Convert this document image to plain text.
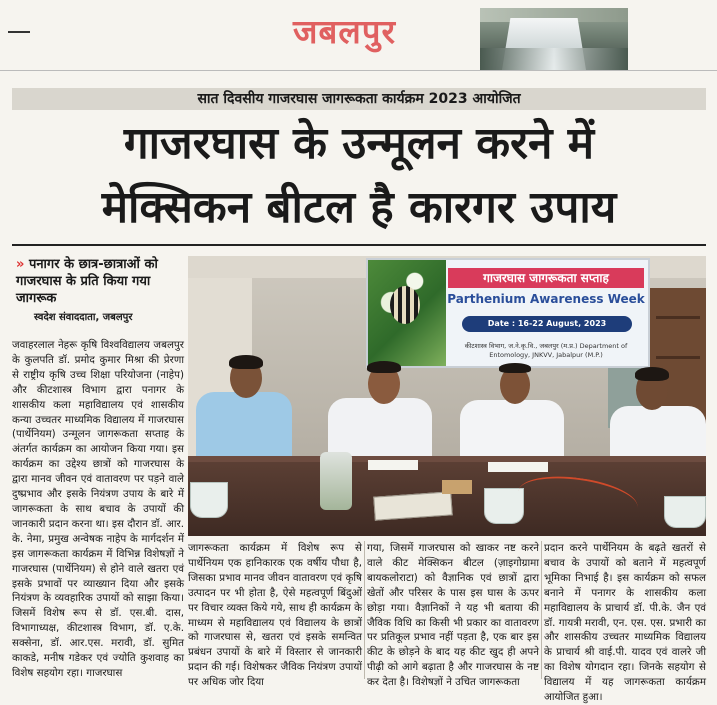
जबलपुर
सात दिवसीय गाजरघास जागरूकता कार्यक्रम 2023 आयोजित
गाजरघास के उन्मूलन करने में
मेक्सिकन बीटल है कारगर उपाय
» पनागर के छात्र-छात्राओं को गाजरघास के प्रति किया गया जागरूक
स्वदेश संवाददाता, जबलपुर
जवाहरलाल नेहरू कृषि विश्वविद्यालय जबलपुर के कुलपति डॉ. प्रमोद कुमार मिश्रा की प्रेरणा से राष्ट्रीय कृषि उच्च शिक्षा परियोजना (नाहेप) और कीटशास्त्र विभाग द्वारा पनागर के शासकीय कला महाविद्यालय एवं शासकीय कन्या उच्चतर माध्यमिक विद्यालय में गाजरघास (पार्थेनियम) उन्मूलन जागरूकता सप्ताह के अंतर्गत कार्यक्रम का आयोजन किया गया। इस कार्यक्रम का उद्देश्य छात्रों को गाजरघास के द्वारा मानव जीवन एवं वातावरण पर पड़ने वाले दुष्प्रभाव और इसके नियंत्रण उपाय के बारे में जागरूकता के साथ बचाव के उपायों की जानकारी प्रदान करना था। इस दौरान डॉ. आर. के. नेमा, प्रमुख अन्वेषक नाहेप के मार्गदर्शन में इस जागरूकता कार्यक्रम में विभिन्न विशेषज्ञों ने गाजरघास (पार्थेनियम) से होने वाले खतरा एवं इसके प्रभावों पर व्याख्यान दिया और इसके नियंत्रण के व्यवहारिक उपायों को साझा किया। जिसमें विशेष रूप से डॉ. एस.बी. दास, विभागाध्यक्ष, कीटशास्त्र विभाग, डॉ. ए.के. सक्सेना, डॉ. आर.एस. मरावी, डॉ. सुमित काकडे, मनीष गडेकर एवं ज्योति कुशवाह का विशेष सहयोग रहा। गाजरघास
गाजरघास जागरूकता सप्ताह
Parthenium Awareness Week
Date : 16-22 August, 2023
कीटशास्त्र विभाग, ज.ने.कृ.वि., जबलपुर (म.प्र.) Department of Entomology, JNKVV, Jabalpur (M.P.)
जागरूकता कार्यक्रम में विशेष रूप से पार्थेनियम एक हानिकारक एक वर्षीय पौधा है, जिसका प्रभाव मानव जीवन वातावरण एवं कृषि उत्पादन पर भी होता है, ऐसे महत्वपूर्ण बिंदुओं पर विचार व्यक्त किये गये, साथ ही कार्यक्रम के माध्यम से महाविद्यालय एवं विद्यालय के छात्रों को गाजरघास से, खतरा एवं इसके समन्वित प्रबंधन उपायों के बारे में विस्तार से जानकारी प्रदान की गई। विशेषकर जैविक नियंत्रण उपायों पर अधिक जोर दिया
गया, जिसमें गाजरघास को खाकर नष्ट करने वाले कीट मेक्सिकन बीटल (ज़ाइगोग्रामा बायकलोराटा) को वैज्ञानिक एवं छात्रों द्वारा खेतों और परिसर के पास इस घास के ऊपर छोड़ा गया। वैज्ञानिकों ने यह भी बताया की जैविक विधि का किसी भी प्रकार का वातावरण पर प्रतिकूल प्रभाव नहीं पड़ता है, एक बार इस कीट के छोड़ने के बाद यह कीट खुद ही अपने पीढ़ी को आगे बढ़ाता है और गाजरघास के नष्ट कर देता है। विशेषज्ञों ने उचित जागरूकता
प्रदान करने पार्थेनियम के बढ़ते खतरों से बचाव के उपायों को बताने में महत्वपूर्ण भूमिका निभाई है। इस कार्यक्रम को सफल बनाने में पनागर के शासकीय कला महाविद्यालय के प्राचार्य डॉ. पी.के. जैन एवं डॉ. गायत्री मरावी, एन. एस. एस. प्रभारी का और शासकीय उच्चतर माध्यमिक विद्यालय के प्राचार्य श्री वाई.पी. यादव एवं वालरे जी का विशेष योगदान रहा। जिनके सहयोग से विद्यालय में यह जागरूकता कार्यक्रम आयोजित हुआ।
